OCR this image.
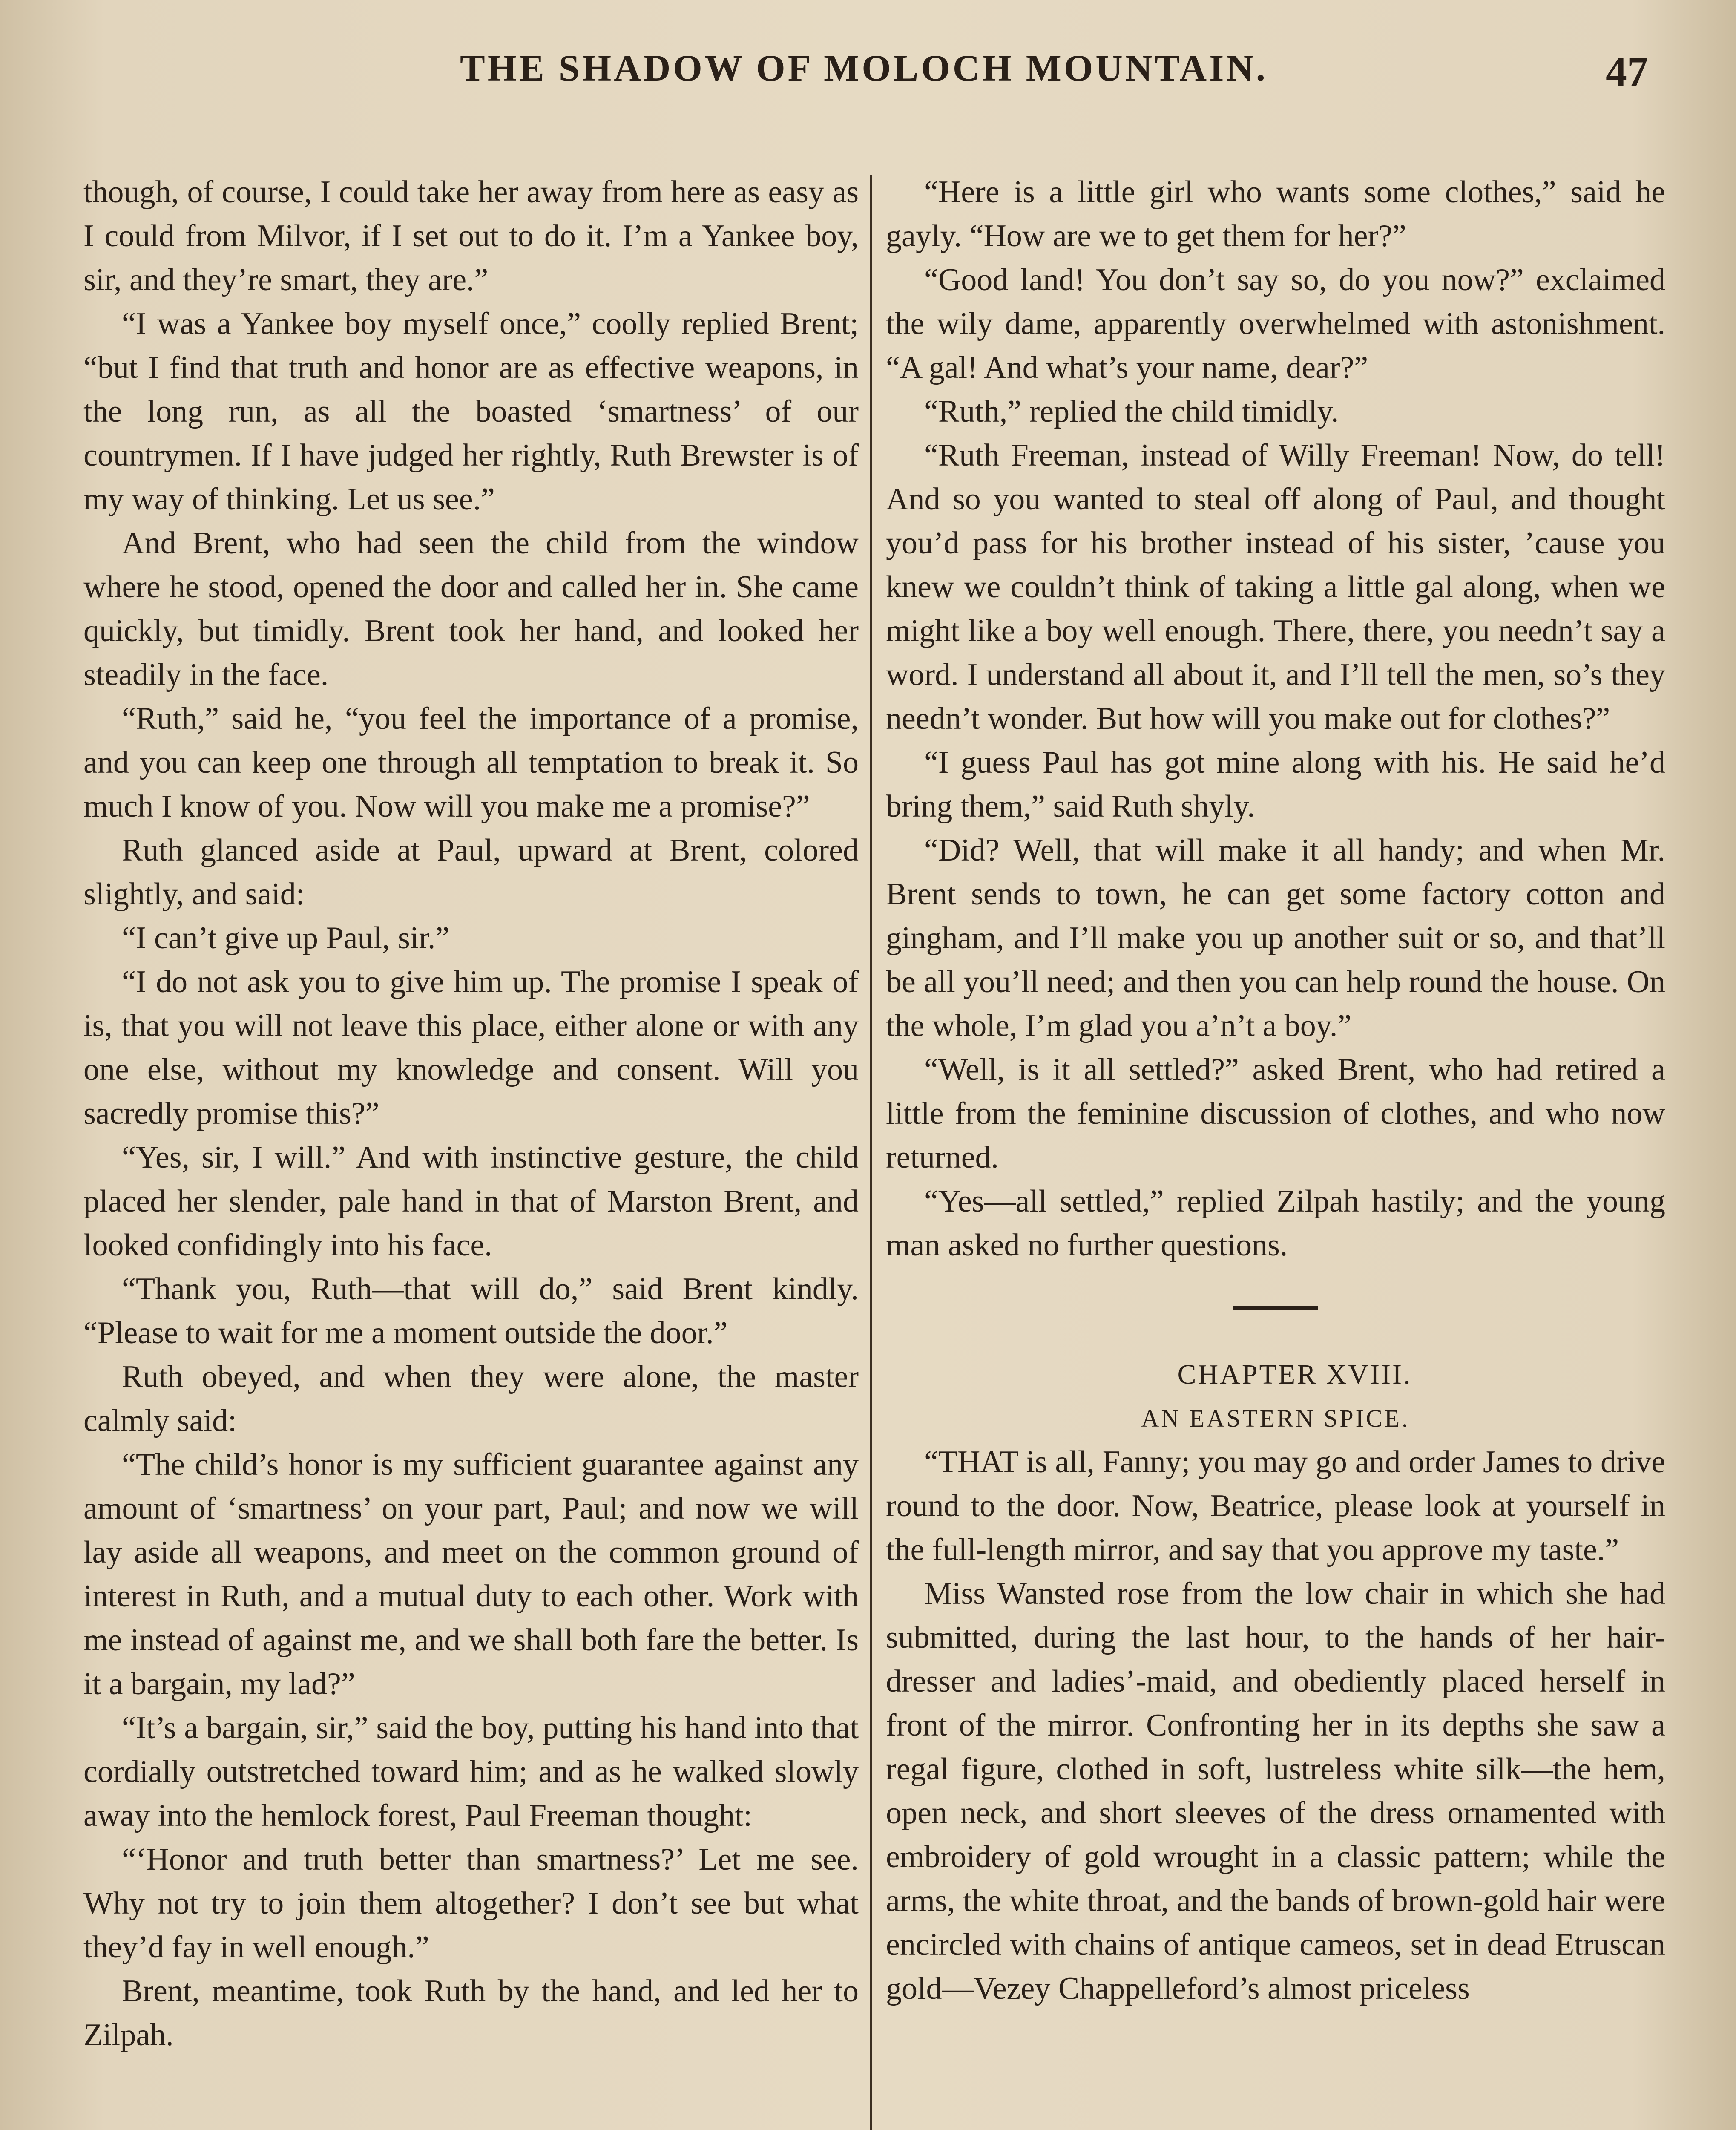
THE SHADOW OF MOLOCH MOUNTAIN.	47

though, of course, I could take her away from here as easy as I could from Milvor, if I set out to do it. I’m a Yankee boy, sir, and they’re smart, they are.”

“I was a Yankee boy myself once,” coolly replied Brent; “but I find that truth and honor are as effective weapons, in the long run, as all the boasted ‘smartness’ of our countrymen. If I have judged her rightly, Ruth Brewster is of my way of thinking. Let us see.”

And Brent, who had seen the child from the window where he stood, opened the door and called her in. She came quickly, but timidly. Brent took her hand, and looked her steadily in the face.

“Ruth,” said he, “you feel the importance of a promise, and you can keep one through all temptation to break it. So much I know of you. Now will you make me a promise?”

Ruth glanced aside at Paul, upward at Brent, colored slightly, and said:

“I can’t give up Paul, sir.”

“I do not ask you to give him up. The promise I speak of is, that you will not leave this place, either alone or with any one else, without my knowledge and consent. Will you sacredly promise this?”

“Yes, sir, I will.” And with instinctive gesture, the child placed her slender, pale hand in that of Marston Brent, and looked confidingly into his face.

“Thank you, Ruth—that will do,” said Brent kindly. “Please to wait for me a moment outside the door.”

Ruth obeyed, and when they were alone, the master calmly said:

“The child’s honor is my sufficient guarantee against any amount of ‘smartness’ on your part, Paul; and now we will lay aside all weapons, and meet on the common ground of interest in Ruth, and a mutual duty to each other. Work with me instead of against me, and we shall both fare the better. Is it a bargain, my lad?”

“It’s a bargain, sir,” said the boy, putting his hand into that cordially outstretched toward him; and as he walked slowly away into the hemlock forest, Paul Freeman thought:

“‘Honor and truth better than smartness?’ Let me see. Why not try to join them altogether? I don’t see but what they’d fay in well enough.”

Brent, meantime, took Ruth by the hand, and led her to Zilpah.

“Here is a little girl who wants some clothes,” said he gayly. “How are we to get them for her?”

“Good land! You don’t say so, do you now?” exclaimed the wily dame, apparently overwhelmed with astonishment. “A gal! And what’s your name, dear?”

“Ruth,” replied the child timidly.

“Ruth Freeman, instead of Willy Freeman! Now, do tell! And so you wanted to steal off along of Paul, and thought you’d pass for his brother instead of his sister, ’cause you knew we couldn’t think of taking a little gal along, when we might like a boy well enough. There, there, you needn’t say a word. I understand all about it, and I’ll tell the men, so’s they needn’t wonder. But how will you make out for clothes?”

“I guess Paul has got mine along with his. He said he’d bring them,” said Ruth shyly.

“Did? Well, that will make it all handy; and when Mr. Brent sends to town, he can get some factory cotton and gingham, and I’ll make you up another suit or so, and that’ll be all you’ll need; and then you can help round the house. On the whole, I’m glad you a’n’t a boy.”

“Well, is it all settled?” asked Brent, who had retired a little from the feminine discussion of clothes, and who now returned.

“Yes—all settled,” replied Zilpah hastily; and the young man asked no further questions.

CHAPTER XVIII.

AN EASTERN SPICE.

“THAT is all, Fanny; you may go and order James to drive round to the door. Now, Beatrice, please look at yourself in the full-length mirror, and say that you approve my taste.”

Miss Wansted rose from the low chair in which she had submitted, during the last hour, to the hands of her hair-dresser and ladies’-maid, and obediently placed herself in front of the mirror. Confronting her in its depths she saw a regal figure, clothed in soft, lustreless white silk—the hem, open neck, and short sleeves of the dress ornamented with embroidery of gold wrought in a classic pattern; while the arms, the white throat, and the bands of brown-gold hair were encircled with chains of antique cameos, set in dead Etruscan gold—Vezey Chappelleford’s almost priceless
